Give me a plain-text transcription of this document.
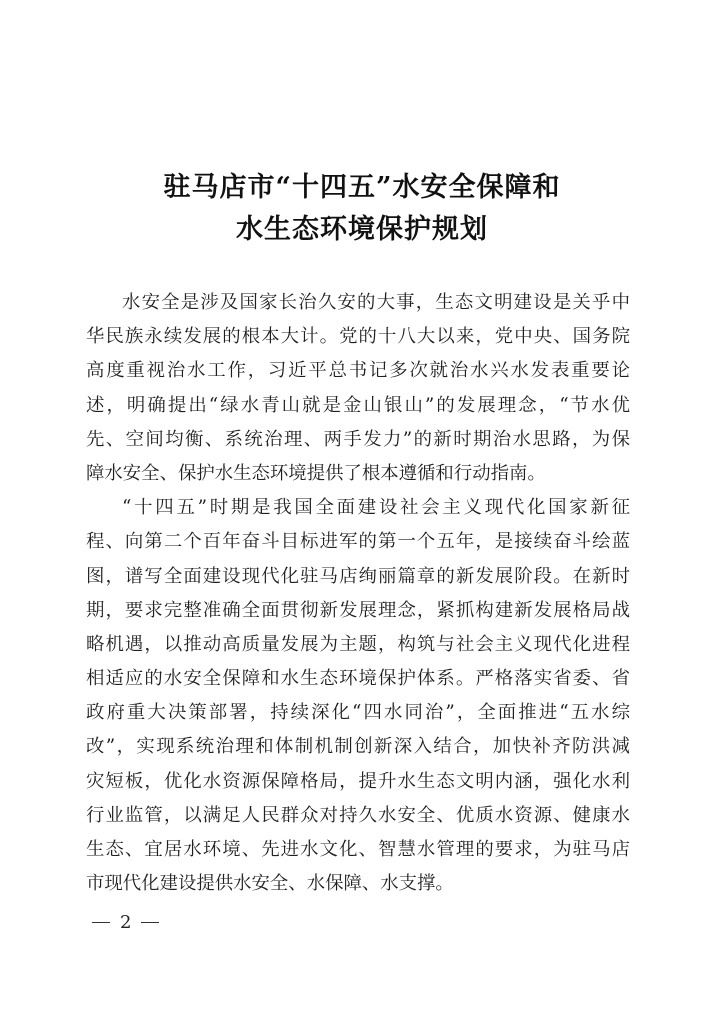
驻马店市“十四五”水安全保障和
水生态环境保护规划
水安全是涉及国家长治久安的大事，生态文明建设是关乎中
华民族永续发展的根本大计。党的十八大以来，党中央、国务院
高度重视治水工作，习近平总书记多次就治水兴水发表重要论
述，明确提出“绿水青山就是金山银山”的发展理念，“节水优
先、空间均衡、系统治理、两手发力”的新时期治水思路，为保
障水安全、保护水生态环境提供了根本遵循和行动指南。
“十四五”时期是我国全面建设社会主义现代化国家新征
程、向第二个百年奋斗目标进军的第一个五年，是接续奋斗绘蓝
图，谱写全面建设现代化驻马店绚丽篇章的新发展阶段。在新时
期，要求完整准确全面贯彻新发展理念，紧抓构建新发展格局战
略机遇，以推动高质量发展为主题，构筑与社会主义现代化进程
相适应的水安全保障和水生态环境保护体系。严格落实省委、省
政府重大决策部署，持续深化“四水同治”，全面推进“五水综
改”，实现系统治理和体制机制创新深入结合，加快补齐防洪减
灾短板，优化水资源保障格局，提升水生态文明内涵，强化水利
行业监管，以满足人民群众对持久水安全、优质水资源、健康水
生态、宜居水环境、先进水文化、智慧水管理的要求，为驻马店
市现代化建设提供水安全、水保障、水支撑。
2
